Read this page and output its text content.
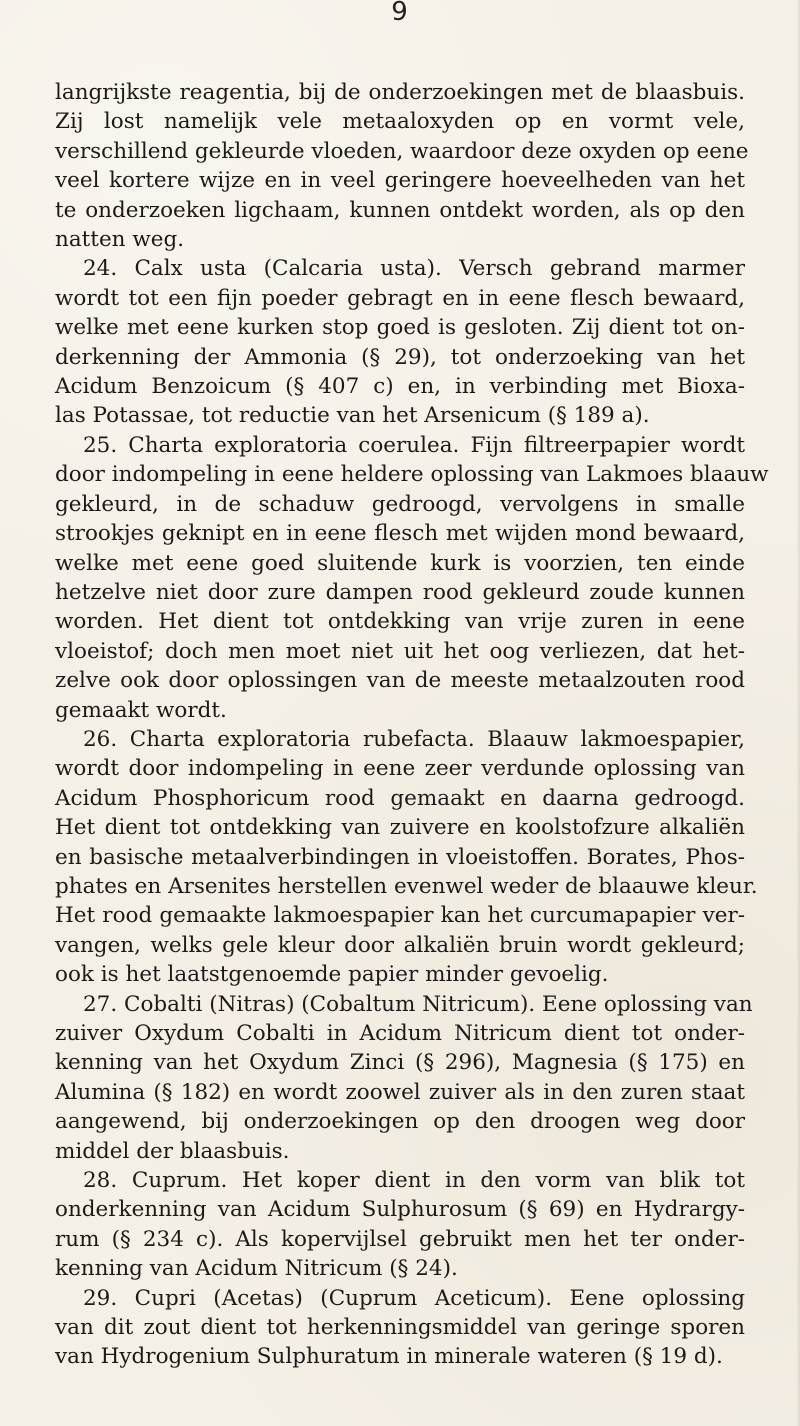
9
langrijkste reagentia, bij de onderzoekingen met de blaasbuis.
Zij lost namelijk vele metaaloxyden op en vormt vele,
verschillend gekleurde vloeden, waardoor deze oxyden op eene
veel kortere wijze en in veel geringere hoeveelheden van het
te onderzoeken ligchaam, kunnen ontdekt worden, als op den
natten weg.
24. Calx usta (Calcaria usta). Versch gebrand marmer
wordt tot een fijn poeder gebragt en in eene flesch bewaard,
welke met eene kurken stop goed is gesloten. Zij dient tot on-
derkenning der Ammonia (§ 29), tot onderzoeking van het
Acidum Benzoicum (§ 407 c) en, in verbinding met Bioxa-
las Potassae, tot reductie van het Arsenicum (§ 189 a).
25. Charta exploratoria coerulea. Fijn filtreerpapier wordt
door indompeling in eene heldere oplossing van Lakmoes blaauw
gekleurd, in de schaduw gedroogd, vervolgens in smalle
strookjes geknipt en in eene flesch met wijden mond bewaard,
welke met eene goed sluitende kurk is voorzien, ten einde
hetzelve niet door zure dampen rood gekleurd zoude kunnen
worden. Het dient tot ontdekking van vrije zuren in eene
vloeistof; doch men moet niet uit het oog verliezen, dat het-
zelve ook door oplossingen van de meeste metaalzouten rood
gemaakt wordt.
26. Charta exploratoria rubefacta. Blaauw lakmoespapier,
wordt door indompeling in eene zeer verdunde oplossing van
Acidum Phosphoricum rood gemaakt en daarna gedroogd.
Het dient tot ontdekking van zuivere en koolstofzure alkaliën
en basische metaalverbindingen in vloeistoffen. Borates, Phos-
phates en Arsenites herstellen evenwel weder de blaauwe kleur.
Het rood gemaakte lakmoespapier kan het curcumapapier ver-
vangen, welks gele kleur door alkaliën bruin wordt gekleurd;
ook is het laatstgenoemde papier minder gevoelig.
27. Cobalti (Nitras) (Cobaltum Nitricum). Eene oplossing van
zuiver Oxydum Cobalti in Acidum Nitricum dient tot onder-
kenning van het Oxydum Zinci (§ 296), Magnesia (§ 175) en
Alumina (§ 182) en wordt zoowel zuiver als in den zuren staat
aangewend, bij onderzoekingen op den droogen weg door
middel der blaasbuis.
28. Cuprum. Het koper dient in den vorm van blik tot
onderkenning van Acidum Sulphurosum (§ 69) en Hydrargy-
rum (§ 234 c). Als kopervijlsel gebruikt men het ter onder-
kenning van Acidum Nitricum (§ 24).
29. Cupri (Acetas) (Cuprum Aceticum). Eene oplossing
van dit zout dient tot herkenningsmiddel van geringe sporen
van Hydrogenium Sulphuratum in minerale wateren (§ 19 d).
